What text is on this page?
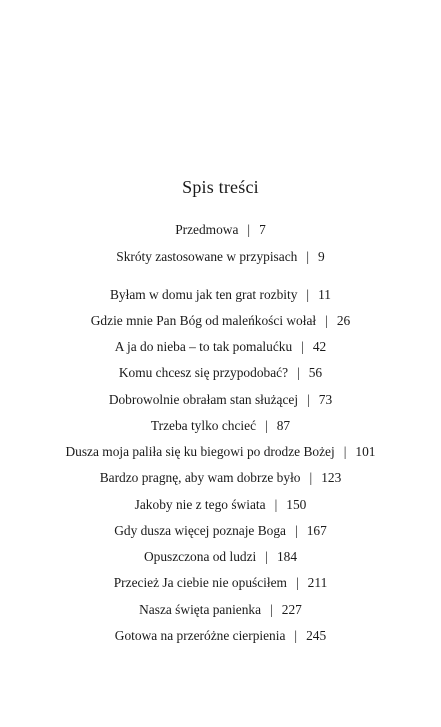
Spis treści
Przedmowa | 7
Skróty zastosowane w przypisach | 9
Byłam w domu jak ten grat rozbity | 11
Gdzie mnie Pan Bóg od maleńkości wołał | 26
A ja do nieba – to tak pomalućku | 42
Komu chcesz się przypodobać? | 56
Dobrowolnie obrałam stan służącej | 73
Trzeba tylko chcieć | 87
Dusza moja paliła się ku biegowi po drodze Bożej | 101
Bardzo pragnę, aby wam dobrze było | 123
Jakoby nie z tego świata | 150
Gdy dusza więcej poznaje Boga | 167
Opuszczona od ludzi | 184
Przecież Ja ciebie nie opuściłem | 211
Nasza święta panienka | 227
Gotowa na przeróżne cierpienia | 245
